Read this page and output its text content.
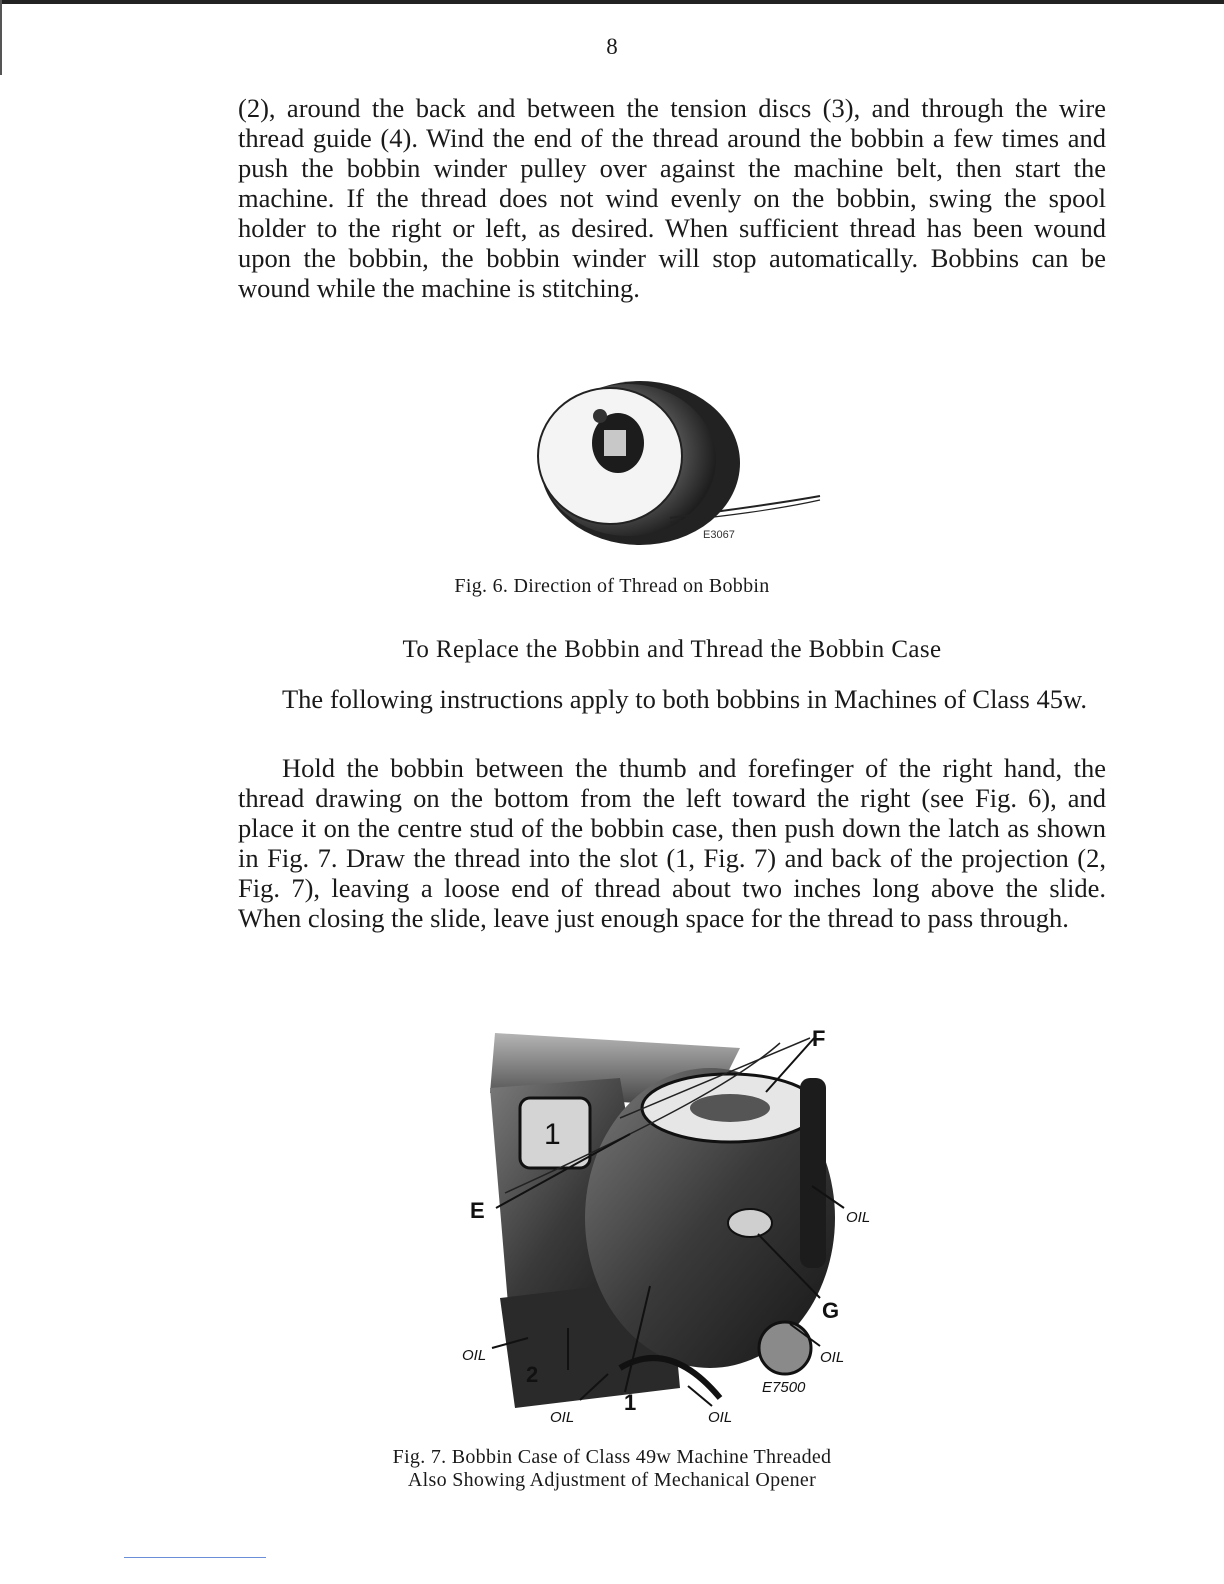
8

(2), around the back and between the tension discs (3), and through the wire thread guide (4). Wind the end of the thread around the bobbin a few times and push the bobbin winder pulley over against the machine belt, then start the machine. If the thread does not wind evenly on the bobbin, swing the spool holder to the right or left, as desired. When sufficient thread has been wound upon the bobbin, the bobbin winder will stop automatically. Bobbins can be wound while the machine is stitching.

E3067

Fig. 6. Direction of Thread on Bobbin

To Replace the Bobbin and Thread the Bobbin Case

The following instructions apply to both bobbins in Machines of Class 45w.

Hold the bobbin between the thumb and forefinger of the right hand, the thread drawing on the bottom from the left toward the right (see Fig. 6), and place it on the centre stud of the bobbin case, then push down the latch as shown in Fig. 7. Draw the thread into the slot (1, Fig. 7) and back of the projection (2, Fig. 7), leaving a loose end of thread about two inches long above the slide. When closing the slide, leave just enough space for the thread to pass through.

1
F
E
G
OIL
OIL
OIL
OIL	OIL
2
1
E7500

Fig. 7. Bobbin Case of Class 49w Machine Threaded

Also Showing Adjustment of Mechanical Opener
